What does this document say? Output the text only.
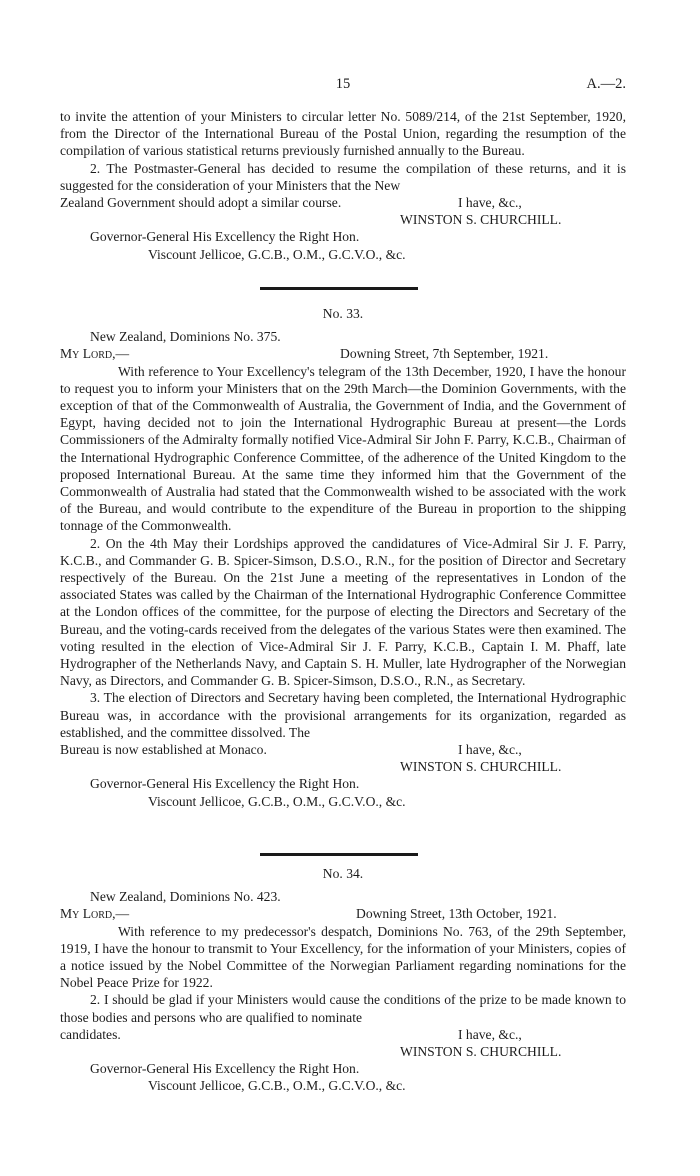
15	A.—2.

to invite the attention of your Ministers to circular letter No. 5089/214, of the 21st September, 1920, from the Director of the International Bureau of the Postal Union, regarding the resumption of the compilation of various statistical returns previously furnished annually to the Bureau.

2. The Postmaster-General has decided to resume the compilation of these returns, and it is suggested for the consideration of your Ministers that the New

Zealand Government should adopt a similar course.	I have, &c.,

WINSTON S. CHURCHILL.

Governor-General His Excellency the Right Hon.

Viscount Jellicoe, G.C.B., O.M., G.C.V.O., &c.

No. 33.

New Zealand, Dominions No. 375.

My Lord,—	Downing Street, 7th September, 1921.

With reference to Your Excellency's telegram of the 13th December, 1920, I have the honour to request you to inform your Ministers that on the 29th March—the Dominion Governments, with the exception of that of the Commonwealth of Australia, the Government of India, and the Government of Egypt, having decided not to join the International Hydrographic Bureau at present—the Lords Commissioners of the Admiralty formally notified Vice-Admiral Sir John F. Parry, K.C.B., Chairman of the International Hydrographic Conference Committee, of the adherence of the United Kingdom to the proposed International Bureau. At the same time they informed him that the Government of the Commonwealth of Australia had stated that the Commonwealth wished to be associated with the work of the Bureau, and would contribute to the expenditure of the Bureau in proportion to the shipping tonnage of the Commonwealth.

2. On the 4th May their Lordships approved the candidatures of Vice-Admiral Sir J. F. Parry, K.C.B., and Commander G. B. Spicer-Simson, D.S.O., R.N., for the position of Director and Secretary respectively of the Bureau. On the 21st June a meeting of the representatives in London of the associated States was called by the Chairman of the International Hydrographic Conference Committee at the London offices of the committee, for the purpose of electing the Directors and Secretary of the Bureau, and the voting-cards received from the delegates of the various States were then examined. The voting resulted in the election of Vice-Admiral Sir J. F. Parry, K.C.B., Captain I. M. Phaff, late Hydrographer of the Netherlands Navy, and Captain S. H. Muller, late Hydrographer of the Norwegian Navy, as Directors, and Commander G. B. Spicer-Simson, D.S.O., R.N., as Secretary.

3. The election of Directors and Secretary having been completed, the International Hydrographic Bureau was, in accordance with the provisional arrangements for its organization, regarded as established, and the committee dissolved. The

Bureau is now established at Monaco.	I have, &c.,

WINSTON S. CHURCHILL.

Governor-General His Excellency the Right Hon.

Viscount Jellicoe, G.C.B., O.M., G.C.V.O., &c.

No. 34.

New Zealand, Dominions No. 423.

My Lord,—	Downing Street, 13th October, 1921.

With reference to my predecessor's despatch, Dominions No. 763, of the 29th September, 1919, I have the honour to transmit to Your Excellency, for the information of your Ministers, copies of a notice issued by the Nobel Committee of the Norwegian Parliament regarding nominations for the Nobel Peace Prize for 1922.

2. I should be glad if your Ministers would cause the conditions of the prize to be made known to those bodies and persons who are qualified to nominate

candidates.	I have, &c.,

WINSTON S. CHURCHILL.

Governor-General His Excellency the Right Hon.

Viscount Jellicoe, G.C.B., O.M., G.C.V.O., &c.
